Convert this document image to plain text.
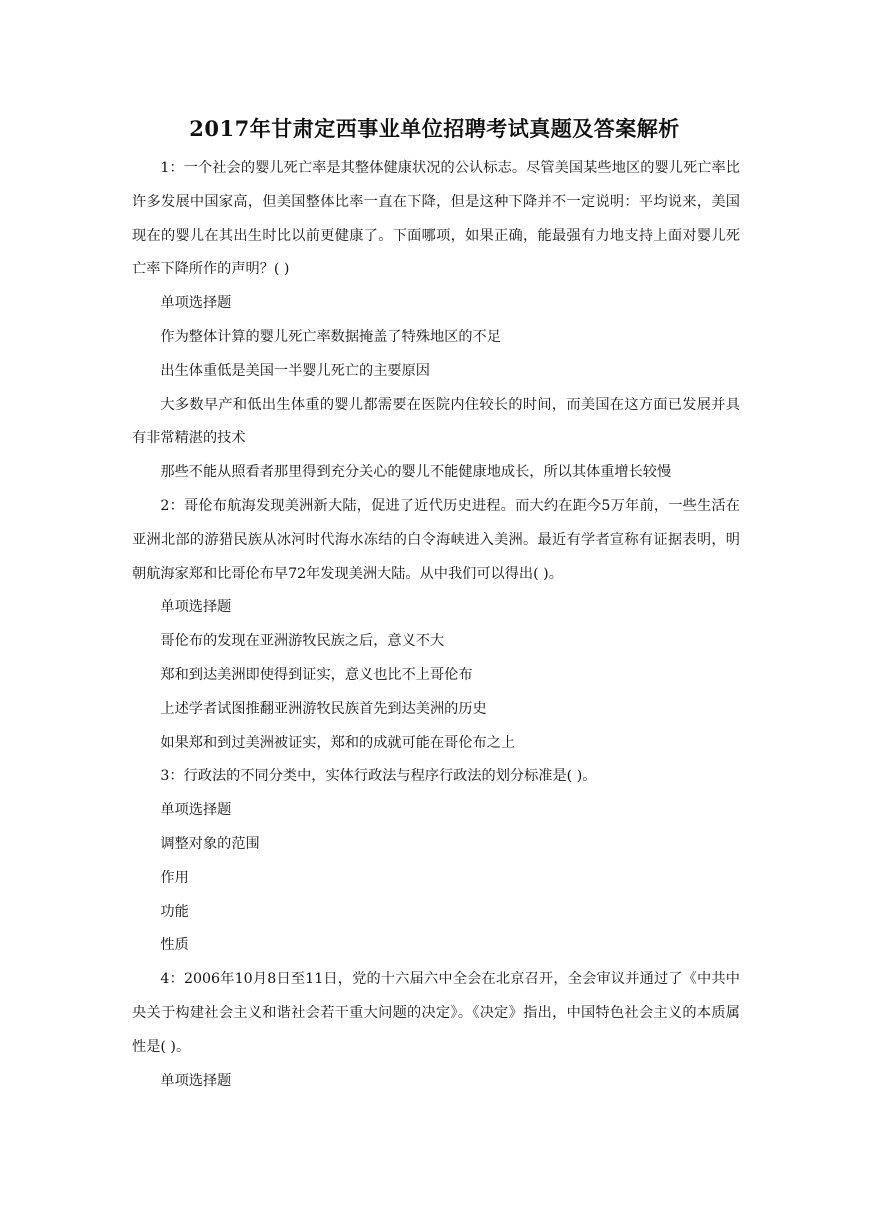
2017年甘肃定西事业单位招聘考试真题及答案解析

1：一个社会的婴儿死亡率是其整体健康状况的公认标志。尽管美国某些地区的婴儿死亡率比许多发展中国家高，但美国整体比率一直在下降，但是这种下降并不一定说明：平均说来，美国现在的婴儿在其出生时比以前更健康了。下面哪项，如果正确，能最强有力地支持上面对婴儿死亡率下降所作的声明？( )

单项选择题

作为整体计算的婴儿死亡率数据掩盖了特殊地区的不足

出生体重低是美国一半婴儿死亡的主要原因

大多数早产和低出生体重的婴儿都需要在医院内住较长的时间，而美国在这方面已发展并具有非常精湛的技术

那些不能从照看者那里得到充分关心的婴儿不能健康地成长，所以其体重增长较慢

2：哥伦布航海发现美洲新大陆，促进了近代历史进程。而大约在距今5万年前，一些生活在亚洲北部的游猎民族从冰河时代海水冻结的白令海峡进入美洲。最近有学者宣称有证据表明，明朝航海家郑和比哥伦布早72年发现美洲大陆。从中我们可以得出( )。

单项选择题

哥伦布的发现在亚洲游牧民族之后，意义不大

郑和到达美洲即使得到证实，意义也比不上哥伦布

上述学者试图推翻亚洲游牧民族首先到达美洲的历史

如果郑和到过美洲被证实，郑和的成就可能在哥伦布之上

3：行政法的不同分类中，实体行政法与程序行政法的划分标准是( )。

单项选择题

调整对象的范围

作用

功能

性质

4：2006年10月8日至11日，党的十六届六中全会在北京召开，全会审议并通过了《中共中央关于构建社会主义和谐社会若干重大问题的决定》。《决定》指出，中国特色社会主义的本质属性是( )。

单项选择题
